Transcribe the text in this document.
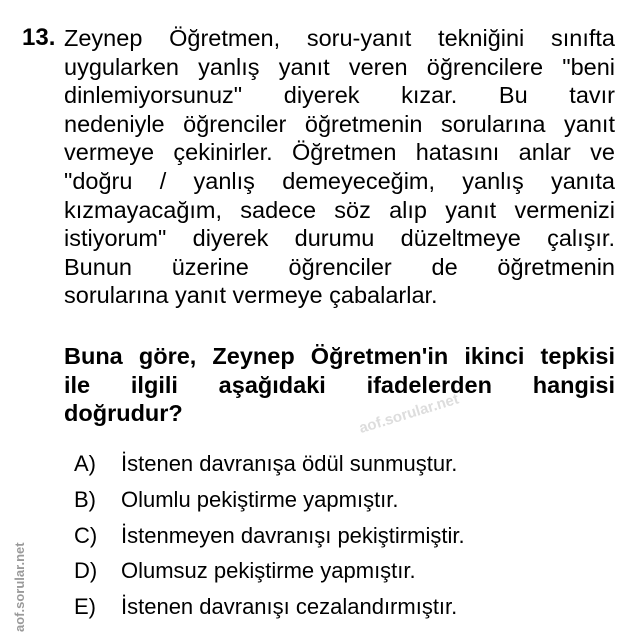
13. Zeynep Öğretmen, soru-yanıt tekniğini sınıfta
uygularken yanlış yanıt veren öğrencilere "beni
dinlemiyorsunuz" diyerek kızar. Bu tavır
nedeniyle öğrenciler öğretmenin sorularına yanıt
vermeye çekinirler. Öğretmen hatasını anlar ve
"doğru / yanlış demeyeceğim, yanlış yanıta
kızmayacağım, sadece söz alıp yanıt vermenizi
istiyorum" diyerek durumu düzeltmeye çalışır.
Bunun üzerine öğrenciler de öğretmenin
sorularına yanıt vermeye çabalarlar.
Buna göre, Zeynep Öğretmen'in ikinci tepkisi
ile ilgili aşağıdaki ifadelerden hangisi
doğrudur?	aof.sorular.net
A) İstenen davranışa ödül sunmuştur.
B) Olumlu pekiştirme yapmıştır.
C) İstenmeyen davranışı pekiştirmiştir.
D) Olumsuz pekiştirme yapmıştır.
E) İstenen davranışı cezalandırmıştır.
aof.sorular.net
